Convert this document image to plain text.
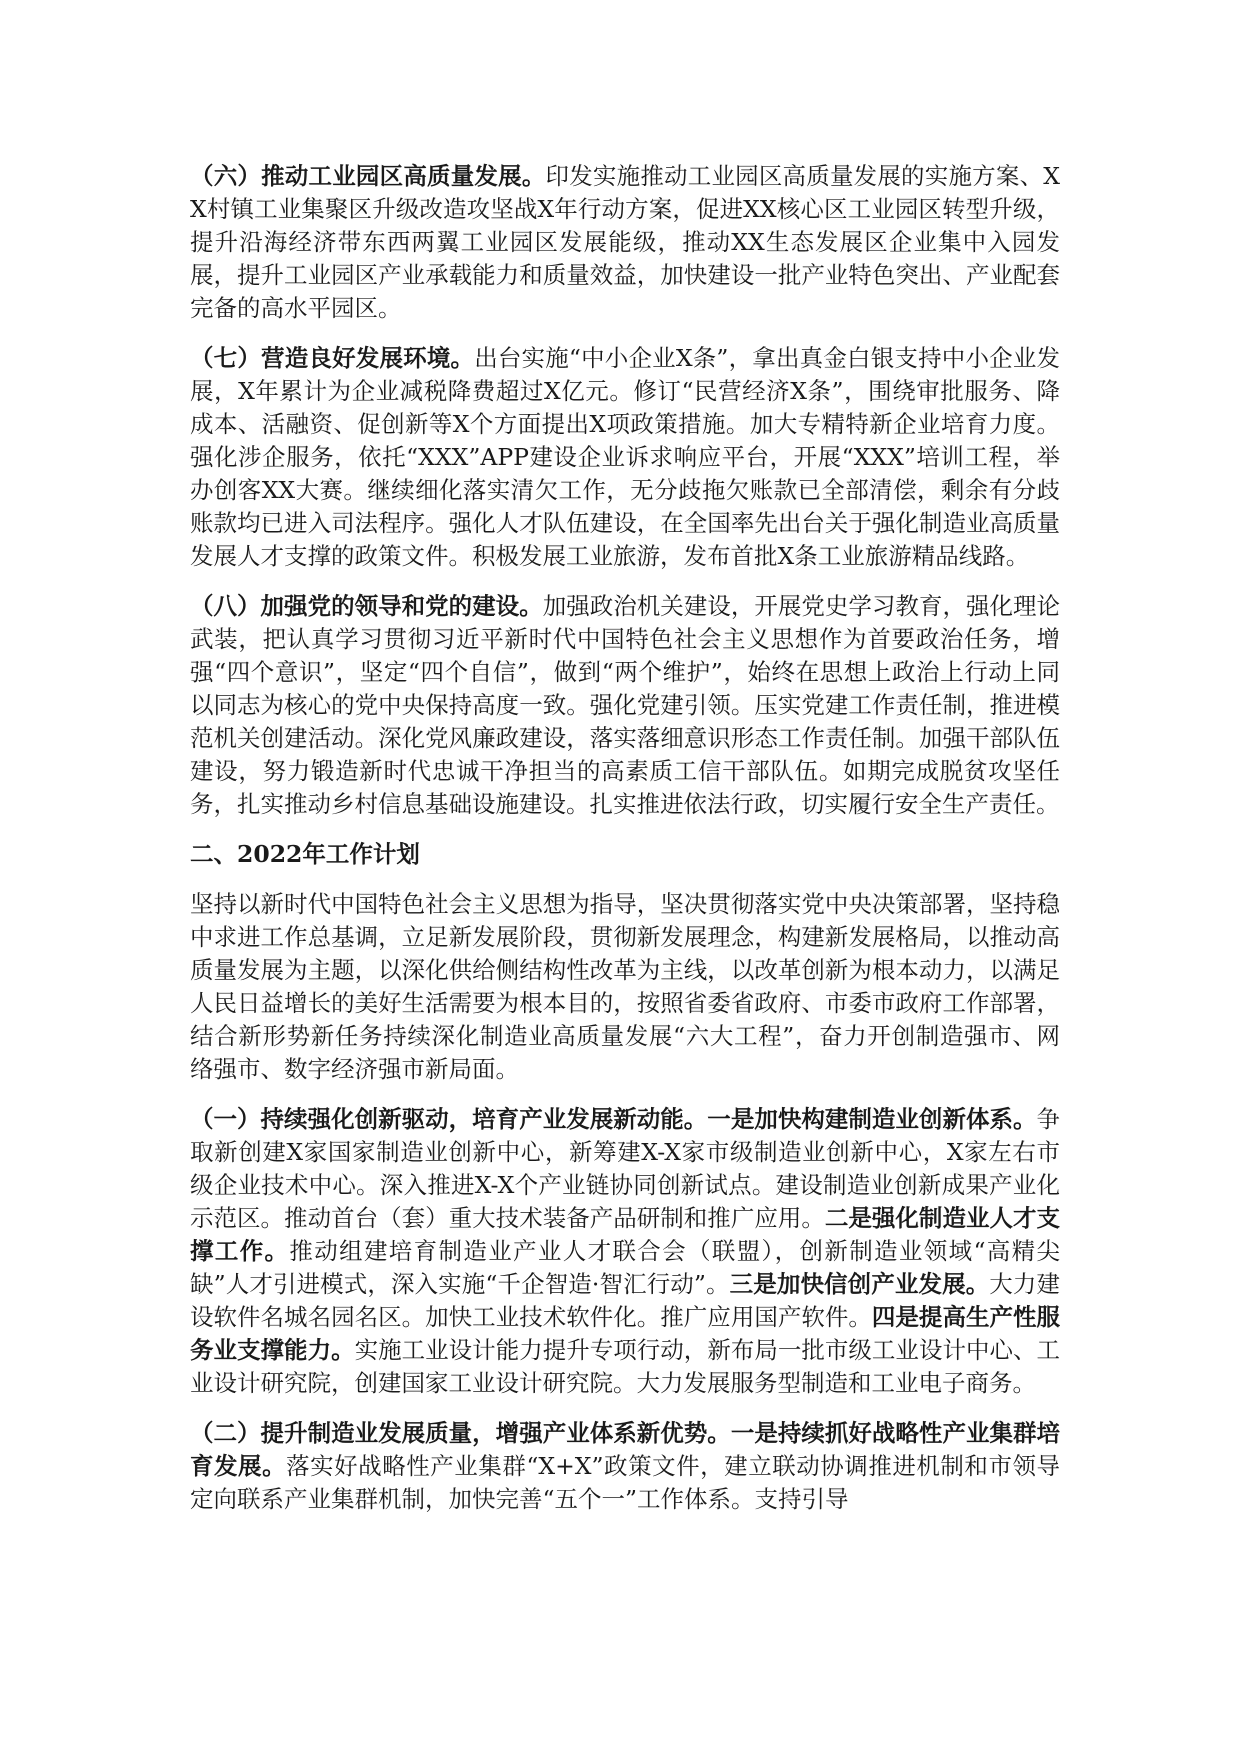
（六）推动工业园区高质量发展。印发实施推动工业园区高质量发展的实施方案、XX村镇工业集聚区升级改造攻坚战X年行动方案，促进XX核心区工业园区转型升级，提升沿海经济带东西两翼工业园区发展能级，推动XX生态发展区企业集中入园发展，提升工业园区产业承载能力和质量效益，加快建设一批产业特色突出、产业配套完备的高水平园区。

（七）营造良好发展环境。出台实施“中小企业X条”，拿出真金白银支持中小企业发展，X年累计为企业减税降费超过X亿元。修订“民营经济X条”，围绕审批服务、降成本、活融资、促创新等X个方面提出X项政策措施。加大专精特新企业培育力度。强化涉企服务，依托“XXX”APP建设企业诉求响应平台，开展“XXX”培训工程，举办创客XX大赛。继续细化落实清欠工作，无分歧拖欠账款已全部清偿，剩余有分歧账款均已进入司法程序。强化人才队伍建设，在全国率先出台关于强化制造业高质量发展人才支撑的政策文件。积极发展工业旅游，发布首批X条工业旅游精品线路。

（八）加强党的领导和党的建设。加强政治机关建设，开展党史学习教育，强化理论武装，把认真学习贯彻习近平新时代中国特色社会主义思想作为首要政治任务，增强“四个意识”，坚定“四个自信”，做到“两个维护”，始终在思想上政治上行动上同以同志为核心的党中央保持高度一致。强化党建引领。压实党建工作责任制，推进模范机关创建活动。深化党风廉政建设，落实落细意识形态工作责任制。加强干部队伍建设，努力锻造新时代忠诚干净担当的高素质工信干部队伍。如期完成脱贫攻坚任务，扎实推动乡村信息基础设施建设。扎实推进依法行政，切实履行安全生产责任。

二、2022年工作计划

坚持以新时代中国特色社会主义思想为指导，坚决贯彻落实党中央决策部署，坚持稳中求进工作总基调，立足新发展阶段，贯彻新发展理念，构建新发展格局，以推动高质量发展为主题，以深化供给侧结构性改革为主线，以改革创新为根本动力，以满足人民日益增长的美好生活需要为根本目的，按照省委省政府、市委市政府工作部署，结合新形势新任务持续深化制造业高质量发展“六大工程”，奋力开创制造强市、网络强市、数字经济强市新局面。

（一）持续强化创新驱动，培育产业发展新动能。一是加快构建制造业创新体系。争取新创建X家国家制造业创新中心，新筹建X-X家市级制造业创新中心，X家左右市级企业技术中心。深入推进X-X个产业链协同创新试点。建设制造业创新成果产业化示范区。推动首台（套）重大技术装备产品研制和推广应用。二是强化制造业人才支撑工作。推动组建培育制造业产业人才联合会（联盟），创新制造业领域“高精尖缺”人才引进模式，深入实施“千企智造·智汇行动”。三是加快信创产业发展。大力建设软件名城名园名区。加快工业技术软件化。推广应用国产软件。四是提高生产性服务业支撑能力。实施工业设计能力提升专项行动，新布局一批市级工业设计中心、工业设计研究院，创建国家工业设计研究院。大力发展服务型制造和工业电子商务。

（二）提升制造业发展质量，增强产业体系新优势。一是持续抓好战略性产业集群培育发展。落实好战略性产业集群“X+X”政策文件，建立联动协调推进机制和市领导定向联系产业集群机制，加快完善“五个一”工作体系。支持引导
